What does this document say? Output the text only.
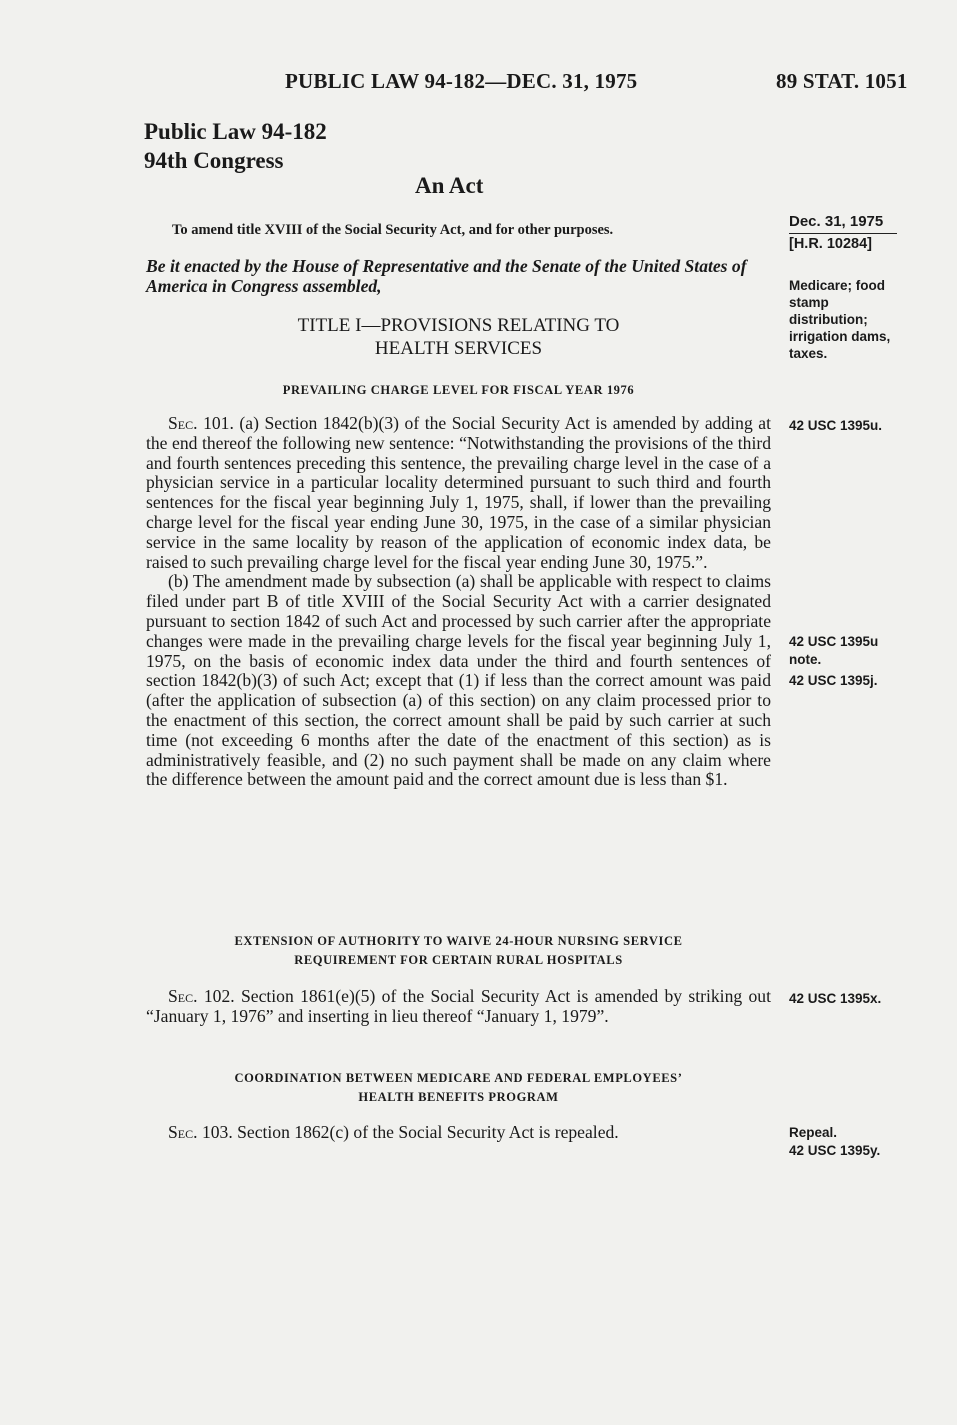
PUBLIC LAW 94-182—DEC. 31, 1975	89 STAT. 1051
Public Law 94-182
94th Congress
An Act
To amend title XVIII of the Social Security Act, and for other purposes.
Be it enacted by the House of Representative and the Senate of the United States of America in Congress assembled,
TITLE I—PROVISIONS RELATING TO
HEALTH SERVICES
PREVAILING CHARGE LEVEL FOR FISCAL YEAR 1976

Sec. 101. (a) Section 1842(b)(3) of the Social Security Act is amended by adding at the end thereof the following new sentence: “Notwithstanding the provisions of the third and fourth sentences preceding this sentence, the prevailing charge level in the case of a physician service in a particular locality determined pursuant to such third and fourth sentences for the fiscal year beginning July 1, 1975, shall, if lower than the prevailing charge level for the fiscal year ending June 30, 1975, in the case of a similar physician service in the same locality by reason of the application of economic index data, be raised to such prevailing charge level for the fiscal year ending June 30, 1975.”.

(b) The amendment made by subsection (a) shall be applicable with respect to claims filed under part B of title XVIII of the Social Security Act with a carrier designated pursuant to section 1842 of such Act and processed by such carrier after the appropriate changes were made in the prevailing charge levels for the fiscal year beginning July 1, 1975, on the basis of economic index data under the third and fourth sentences of section 1842(b)(3) of such Act; except that (1) if less than the correct amount was paid (after the application of subsection (a) of this section) on any claim processed prior to the enactment of this section, the correct amount shall be paid by such carrier at such time (not exceeding 6 months after the date of the enactment of this section) as is administratively feasible, and (2) no such payment shall be made on any claim where the difference between the amount paid and the correct amount due is less than $1.

EXTENSION OF AUTHORITY TO WAIVE 24-HOUR NURSING SERVICE
REQUIREMENT FOR CERTAIN RURAL HOSPITALS

Sec. 102. Section 1861(e)(5) of the Social Security Act is amended by striking out “January 1, 1976” and inserting in lieu thereof “January 1, 1979”.

COORDINATION BETWEEN MEDICARE AND FEDERAL EMPLOYEES’
HEALTH BENEFITS PROGRAM

Sec. 103. Section 1862(c) of the Social Security Act is repealed.

Dec. 31, 1975
[H.R. 10284]
Medicare; food
stamp
distribution;
irrigation dams,
taxes.
42 USC 1395u.
42 USC 1395u
note.
42 USC 1395j.
42 USC 1395x.
Repeal.
42 USC 1395y.
